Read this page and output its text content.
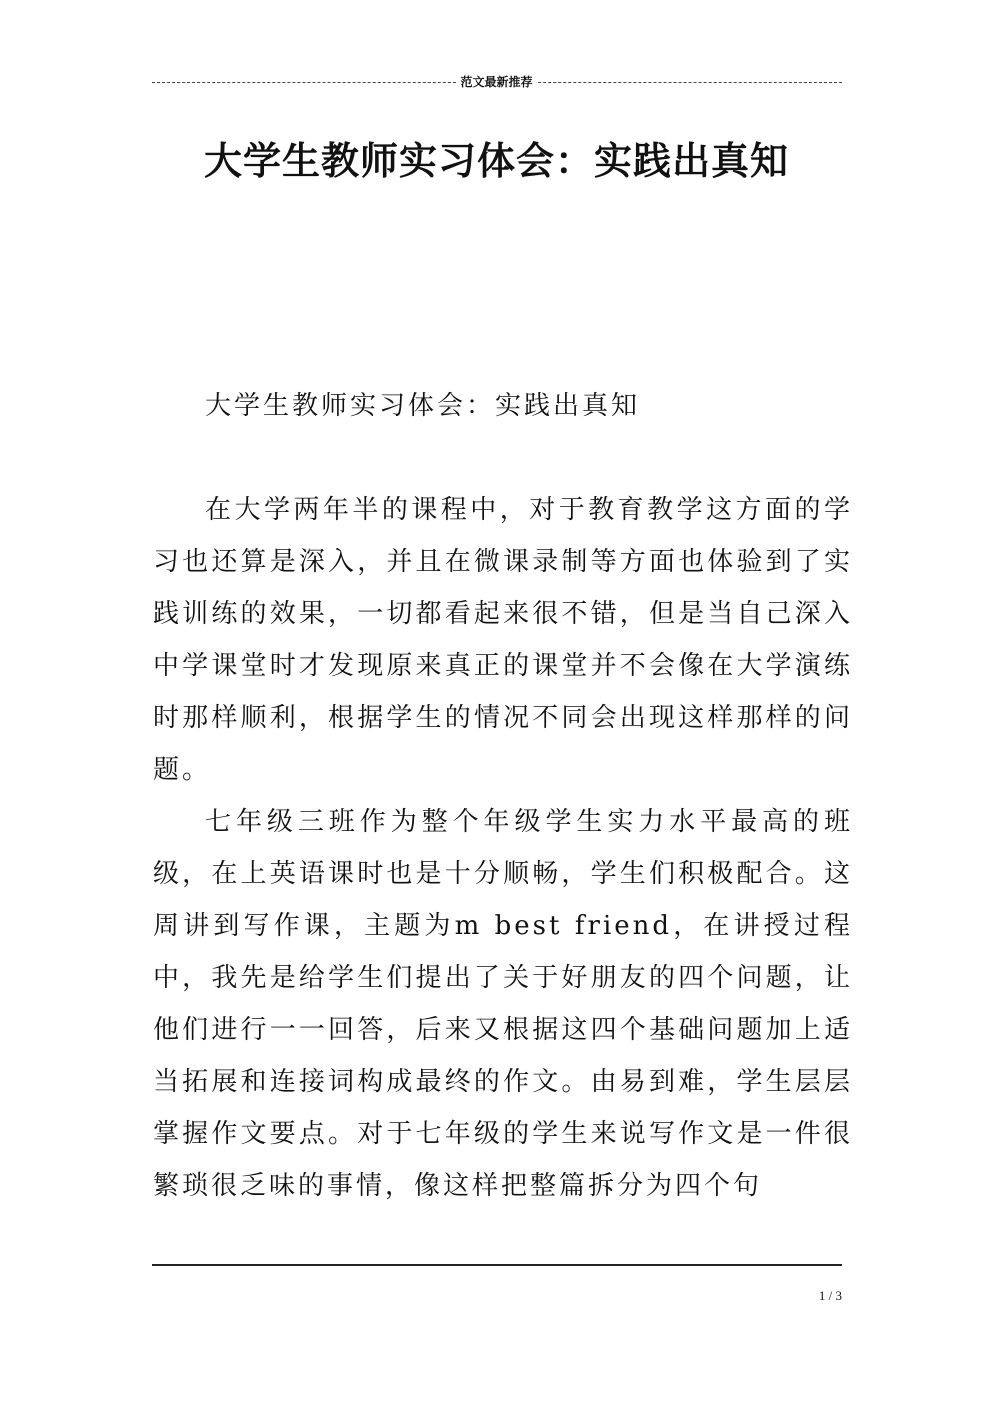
范文最新推荐
大学生教师实习体会：实践出真知

大学生教师实习体会：实践出真知

在大学两年半的课程中，对于教育教学这方面的学习也还算是深入，并且在微课录制等方面也体验到了实践训练的效果，一切都看起来很不错，但是当自己深入中学课堂时才发现原来真正的课堂并不会像在大学演练时那样顺利，根据学生的情况不同会出现这样那样的问题。

七年级三班作为整个年级学生实力水平最高的班级，在上英语课时也是十分顺畅，学生们积极配合。这周讲到写作课，主题为m best friend，在讲授过程中，我先是给学生们提出了关于好朋友的四个问题，让他们进行一一回答，后来又根据这四个基础问题加上适当拓展和连接词构成最终的作文。由易到难，学生层层掌握作文要点。对于七年级的学生来说写作文是一件很繁琐很乏味的事情，像这样把整篇拆分为四个句

1 / 3
